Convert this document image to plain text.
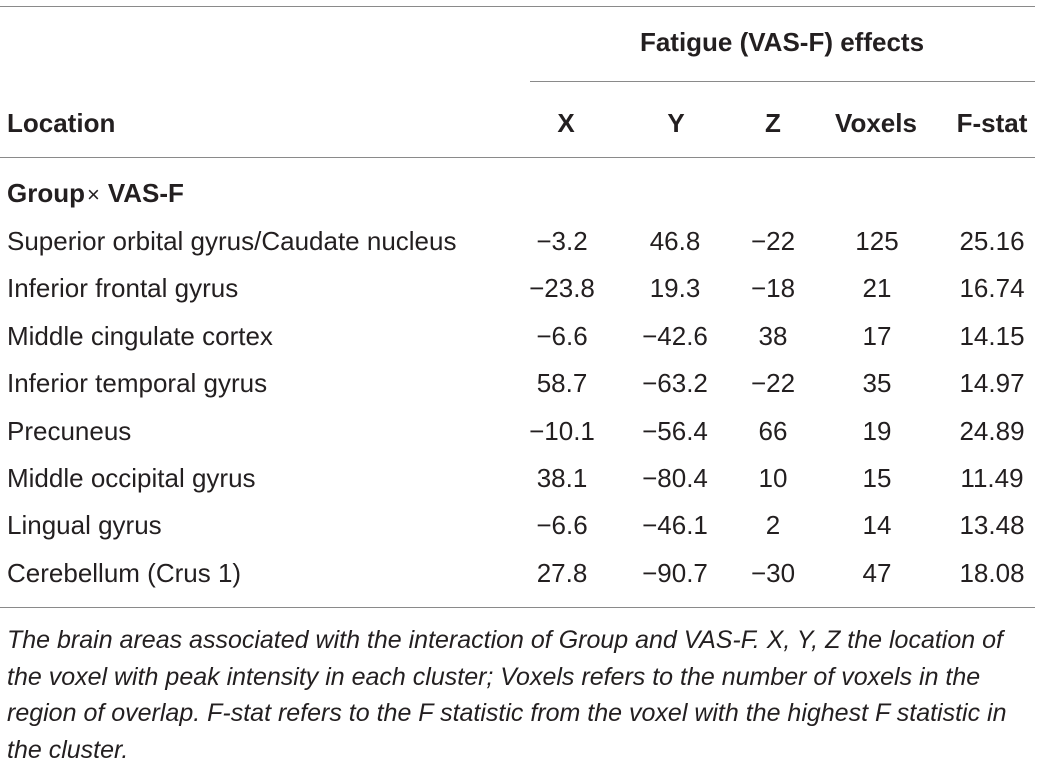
Fatigue (VAS-F) effects
Location	X	Y	Z Voxels F-stat
Group× VAS-F
Superior orbital gyrus/Caudate nucleus	−3.2 46.8 −22 125 25.16
Inferior frontal gyrus	−23.8 19.3 −18	21	16.74
Middle cingulate cortex	−6.6 −42.6 38	17	14.15
Inferior temporal gyrus	58.7 −63.2 −22	35	14.97
Precuneus	−10.1 −56.4 66	19	24.89
Middle occipital gyrus	38.1 −80.4 10	15	11.49
Lingual gyrus	−6.6 −46.1 2	14	13.48
Cerebellum (Crus 1)	27.8 −90.7 −30	47	18.08

The brain areas associated with the interaction of Group and VAS-F. X, Y, Z the location of the voxel with peak intensity in each cluster; Voxels refers to the number of voxels in the region of overlap. F-stat refers to the F statistic from the voxel with the highest F statistic in the cluster.
